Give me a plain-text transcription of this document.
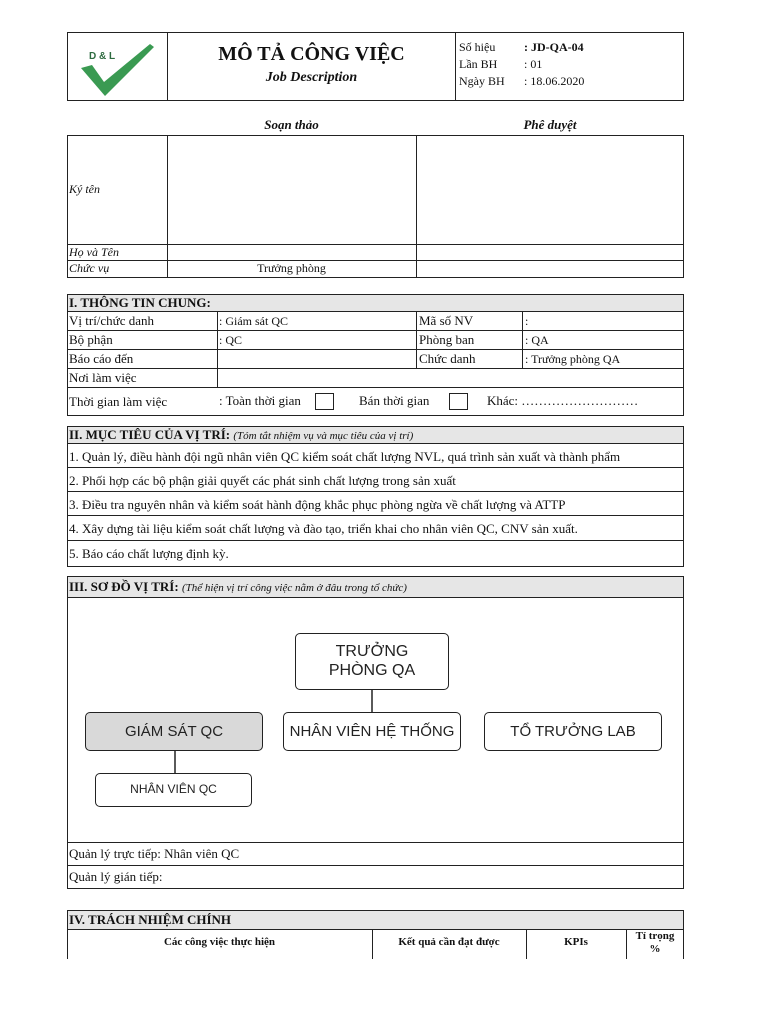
D & L	MÔ TẢ CÔNG VIỆC
Job Description
Số hiệu : JD-QA-04
Lần BH : 01
Ngày BH : 18.06.2020
Soạn thảo	Phê duyệt
Ký tên
Họ và Tên
Chức vụ	Trưởng phòng
I. THÔNG TIN CHUNG:
Vị trí/chức danh	: Giám sát QC	Mã số NV	:
Bộ phận	: QC	Phòng ban	: QA
Báo cáo đến	Chức danh	: Trưởng phòng QA
Nơi làm việc
Thời gian làm việc	: Toàn thời gian	Bán thời gian	Khác: ………………………
II. MỤC TIÊU CỦA VỊ TRÍ: (Tóm tắt nhiệm vụ và mục tiêu của vị trí)
1. Quản lý, điều hành đội ngũ nhân viên QC kiểm soát chất lượng NVL, quá trình sản xuất và thành phẩm
2. Phối hợp các bộ phận giải quyết các phát sinh chất lượng trong sản xuất
3. Điều tra nguyên nhân và kiểm soát hành động khắc phục phòng ngừa về chất lượng và ATTP
4. Xây dựng tài liệu kiểm soát chất lượng và đào tạo, triển khai cho nhân viên QC, CNV sản xuất.
5. Báo cáo chất lượng định kỳ.
III. SƠ ĐỒ VỊ TRÍ: (Thể hiện vị trí công việc nằm ở đâu trong tổ chức)
TRƯỞNG PHÒNG QA
GIÁM SÁT QC	NHÂN VIÊN HỆ THỐNG	TỔ TRƯỞNG LAB
NHÂN VIÊN QC
Quản lý trực tiếp: Nhân viên QC
Quản lý gián tiếp:
IV. TRÁCH NHIỆM CHÍNH
Các công việc thực hiện	Kết quả cần đạt được	KPIs	Tỉ trọng %
